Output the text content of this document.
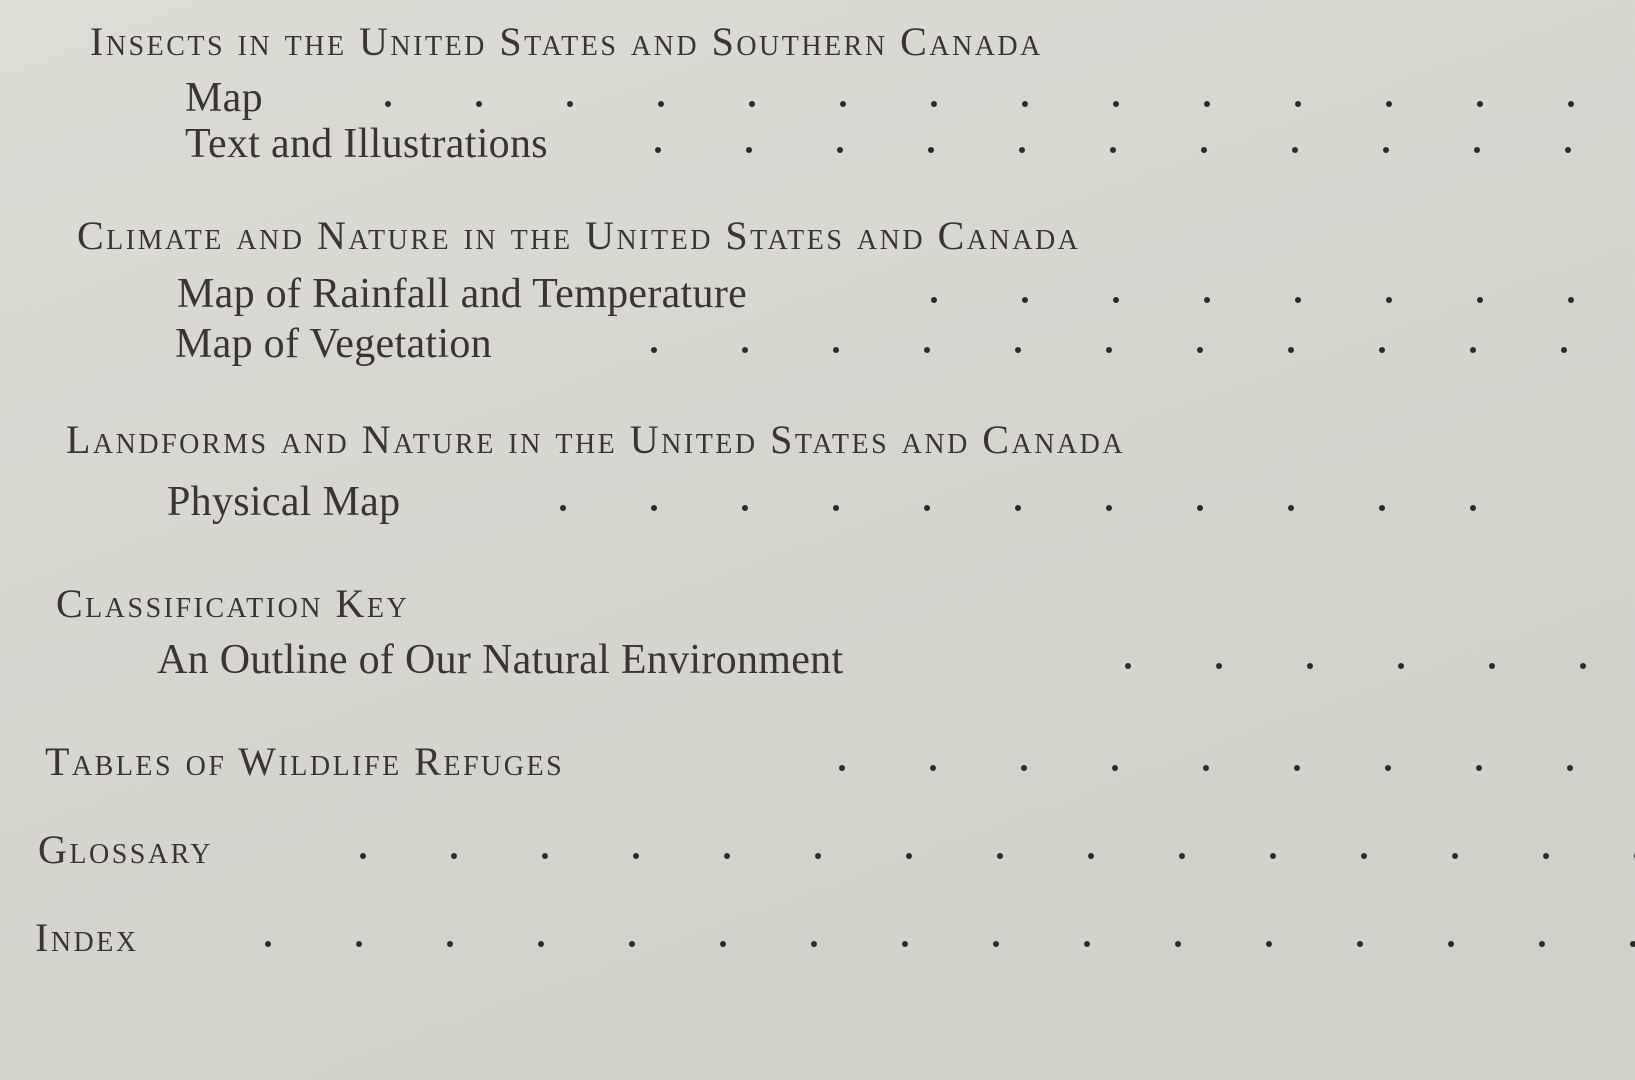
Insects in the United States and Southern Canada
Map
Text and Illustrations
Climate and Nature in the United States and Canada
Map of Rainfall and Temperature
Map of Vegetation
Landforms and Nature in the United States and Canada
Physical Map
Classification Key
An Outline of Our Natural Environment
Tables of Wildlife Refuges
Glossary
Index
